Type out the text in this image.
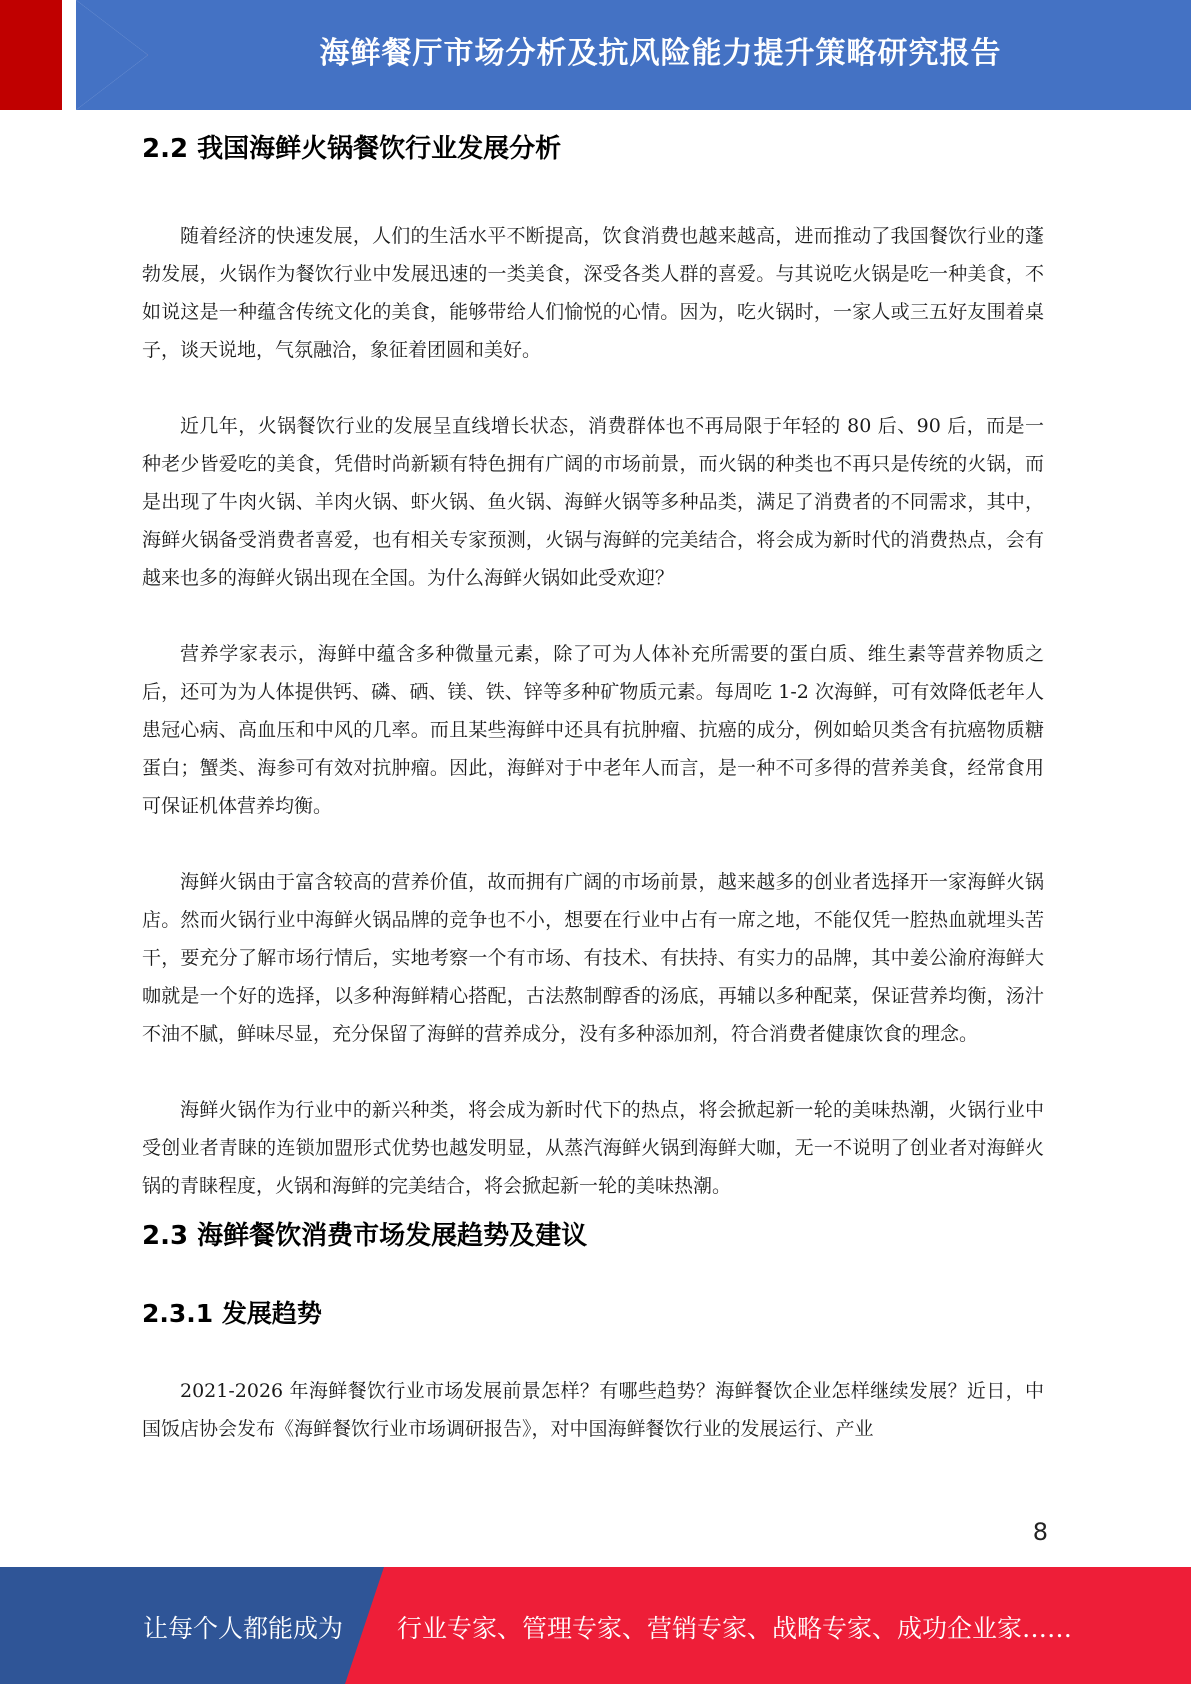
海鲜餐厅市场分析及抗风险能力提升策略研究报告
2.2 我国海鲜火锅餐饮行业发展分析

随着经济的快速发展，人们的生活水平不断提高，饮食消费也越来越高，进而推动了我国餐饮行业的蓬勃发展，火锅作为餐饮行业中发展迅速的一类美食，深受各类人群的喜爱。与其说吃火锅是吃一种美食，不如说这是一种蕴含传统文化的美食，能够带给人们愉悦的心情。因为，吃火锅时，一家人或三五好友围着桌子，谈天说地，气氛融洽，象征着团圆和美好。

近几年，火锅餐饮行业的发展呈直线增长状态，消费群体也不再局限于年轻的 80 后、90 后，而是一种老少皆爱吃的美食，凭借时尚新颖有特色拥有广阔的市场前景，而火锅的种类也不再只是传统的火锅，而是出现了牛肉火锅、羊肉火锅、虾火锅、鱼火锅、海鲜火锅等多种品类，满足了消费者的不同需求，其中，海鲜火锅备受消费者喜爱，也有相关专家预测，火锅与海鲜的完美结合，将会成为新时代的消费热点，会有越来也多的海鲜火锅出现在全国。为什么海鲜火锅如此受欢迎？

营养学家表示，海鲜中蕴含多种微量元素，除了可为人体补充所需要的蛋白质、维生素等营养物质之后，还可为为人体提供钙、磷、硒、镁、铁、锌等多种矿物质元素。每周吃 1-2 次海鲜，可有效降低老年人患冠心病、高血压和中风的几率。而且某些海鲜中还具有抗肿瘤、抗癌的成分，例如蛤贝类含有抗癌物质糖蛋白；蟹类、海参可有效对抗肿瘤。因此，海鲜对于中老年人而言，是一种不可多得的营养美食，经常食用可保证机体营养均衡。

海鲜火锅由于富含较高的营养价值，故而拥有广阔的市场前景，越来越多的创业者选择开一家海鲜火锅店。然而火锅行业中海鲜火锅品牌的竞争也不小，想要在行业中占有一席之地，不能仅凭一腔热血就埋头苦干，要充分了解市场行情后，实地考察一个有市场、有技术、有扶持、有实力的品牌，其中姜公渝府海鲜大咖就是一个好的选择，以多种海鲜精心搭配，古法熬制醇香的汤底，再辅以多种配菜，保证营养均衡，汤汁不油不腻，鲜味尽显，充分保留了海鲜的营养成分，没有多种添加剂，符合消费者健康饮食的理念。

海鲜火锅作为行业中的新兴种类，将会成为新时代下的热点，将会掀起新一轮的美味热潮，火锅行业中受创业者青睐的连锁加盟形式优势也越发明显，从蒸汽海鲜火锅到海鲜大咖，无一不说明了创业者对海鲜火锅的青睐程度，火锅和海鲜的完美结合，将会掀起新一轮的美味热潮。

2.3 海鲜餐饮消费市场发展趋势及建议
2.3.1 发展趋势

2021-2026 年海鲜餐饮行业市场发展前景怎样？有哪些趋势？海鲜餐饮企业怎样继续发展？近日，中国饭店协会发布《海鲜餐饮行业市场调研报告》，对中国海鲜餐饮行业的发展运行、产业

8
让每个人都能成为 行业专家、管理专家、营销专家、战略专家、成功企业家……
